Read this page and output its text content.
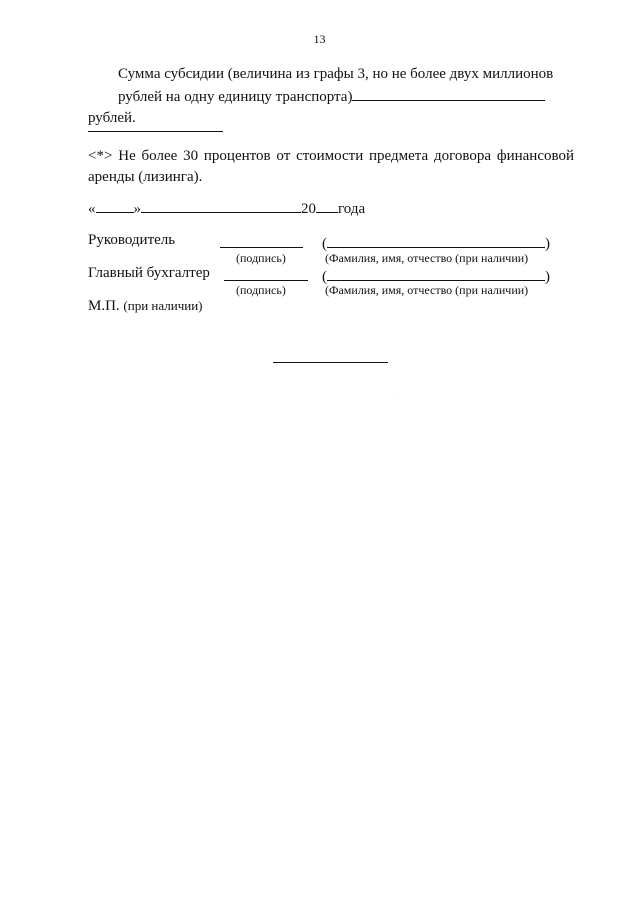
13
Сумма субсидии (величина из графы 3, но не более двух миллионов
рублей на одну единицу транспорта)рублей.
<*> Не более 30 процентов от стоимости предмета договора финансовой аренды (лизинга).
«	»	20 года
Руководитель	(	)
(подпись)	(Фамилия, имя, отчество (при наличии)
Главный бухгалтер	(	)
(подпись)	(Фамилия, имя, отчество (при наличии)
М.П. (при наличии)
.
